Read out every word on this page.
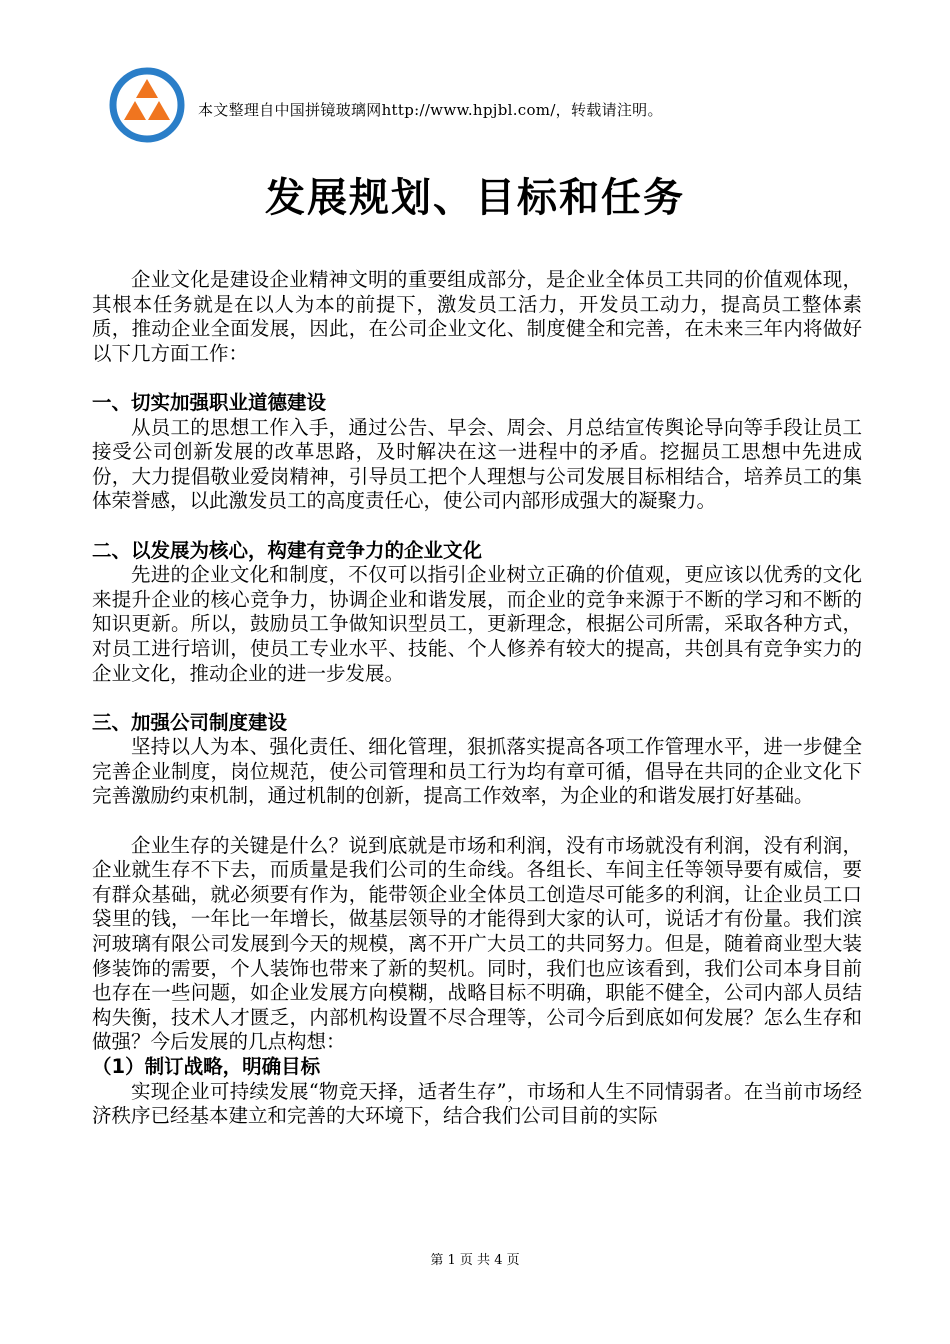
本文整理自中国拼镜玻璃网http://www.hpjbl.com/，转载请注明。
发展规划、目标和任务

企业文化是建设企业精神文明的重要组成部分，是企业全体员工共同的价值观体现，其根本任务就是在以人为本的前提下，激发员工活力，开发员工动力，提高员工整体素质，推动企业全面发展，因此，在公司企业文化、制度健全和完善，在未来三年内将做好以下几方面工作：

一、切实加强职业道德建设

从员工的思想工作入手，通过公告、早会、周会、月总结宣传舆论导向等手段让员工接受公司创新发展的改革思路，及时解决在这一进程中的矛盾。挖掘员工思想中先进成份，大力提倡敬业爱岗精神，引导员工把个人理想与公司发展目标相结合，培养员工的集体荣誉感，以此激发员工的高度责任心，使公司内部形成强大的凝聚力。

二、以发展为核心，构建有竞争力的企业文化

先进的企业文化和制度，不仅可以指引企业树立正确的价值观，更应该以优秀的文化来提升企业的核心竞争力，协调企业和谐发展，而企业的竞争来源于不断的学习和不断的知识更新。所以，鼓励员工争做知识型员工，更新理念，根据公司所需，采取各种方式，对员工进行培训，使员工专业水平、技能、个人修养有较大的提高，共创具有竞争实力的企业文化，推动企业的进一步发展。

三、加强公司制度建设

坚持以人为本、强化责任、细化管理，狠抓落实提高各项工作管理水平，进一步健全完善企业制度，岗位规范，使公司管理和员工行为均有章可循，倡导在共同的企业文化下完善激励约束机制，通过机制的创新，提高工作效率，为企业的和谐发展打好基础。

企业生存的关键是什么？说到底就是市场和利润，没有市场就没有利润，没有利润，企业就生存不下去，而质量是我们公司的生命线。各组长、车间主任等领导要有威信，要有群众基础，就必须要有作为，能带领企业全体员工创造尽可能多的利润，让企业员工口袋里的钱，一年比一年增长，做基层领导的才能得到大家的认可，说话才有份量。我们滨河玻璃有限公司发展到今天的规模，离不开广大员工的共同努力。但是，随着商业型大装修装饰的需要，个人装饰也带来了新的契机。同时，我们也应该看到，我们公司本身目前也存在一些问题，如企业发展方向模糊，战略目标不明确，职能不健全，公司内部人员结构失衡，技术人才匮乏，内部机构设置不尽合理等，公司今后到底如何发展？怎么生存和做强？今后发展的几点构想：

（1）制订战略，明确目标

实现企业可持续发展“物竞天择，适者生存”，市场和人生不同情弱者。在当前市场经济秩序已经基本建立和完善的大环境下，结合我们公司目前的实际

第 1 页 共 4 页
